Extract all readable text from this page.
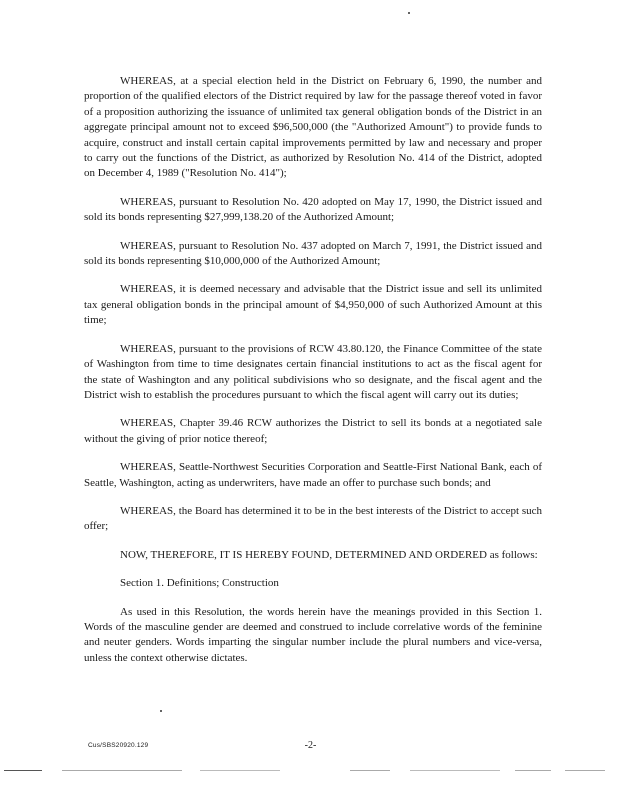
WHEREAS, at a special election held in the District on February 6, 1990, the number and proportion of the qualified electors of the District required by law for the passage thereof voted in favor of a proposition authorizing the issuance of unlimited tax general obligation bonds of the District in an aggregate principal amount not to exceed $96,500,000 (the "Authorized Amount") to provide funds to acquire, construct and install certain capital improvements permitted by law and necessary and proper to carry out the functions of the District, as authorized by Resolution No. 414 of the District, adopted on December 4, 1989 ("Resolution No. 414");

WHEREAS, pursuant to Resolution No. 420 adopted on May 17, 1990, the District issued and sold its bonds representing $27,999,138.20 of the Authorized Amount;

WHEREAS, pursuant to Resolution No. 437 adopted on March 7, 1991, the District issued and sold its bonds representing $10,000,000 of the Authorized Amount;

WHEREAS, it is deemed necessary and advisable that the District issue and sell its unlimited tax general obligation bonds in the principal amount of $4,950,000 of such Authorized Amount at this time;

WHEREAS, pursuant to the provisions of RCW 43.80.120, the Finance Committee of the state of Washington from time to time designates certain financial institutions to act as the fiscal agent for the state of Washington and any political subdivisions who so designate, and the fiscal agent and the District wish to establish the procedures pursuant to which the fiscal agent will carry out its duties;

WHEREAS, Chapter 39.46 RCW authorizes the District to sell its bonds at a negotiated sale without the giving of prior notice thereof;

WHEREAS, Seattle-Northwest Securities Corporation and Seattle-First National Bank, each of Seattle, Washington, acting as underwriters, have made an offer to purchase such bonds; and

WHEREAS, the Board has determined it to be in the best interests of the District to accept such offer;

NOW, THEREFORE, IT IS HEREBY FOUND, DETERMINED AND ORDERED as follows:

Section 1. Definitions; Construction

As used in this Resolution, the words herein have the meanings provided in this Section 1. Words of the masculine gender are deemed and construed to include correlative words of the feminine and neuter genders. Words imparting the singular number include the plural numbers and vice-versa, unless the context otherwise dictates.

Cus/SBS20920.129	-2-
